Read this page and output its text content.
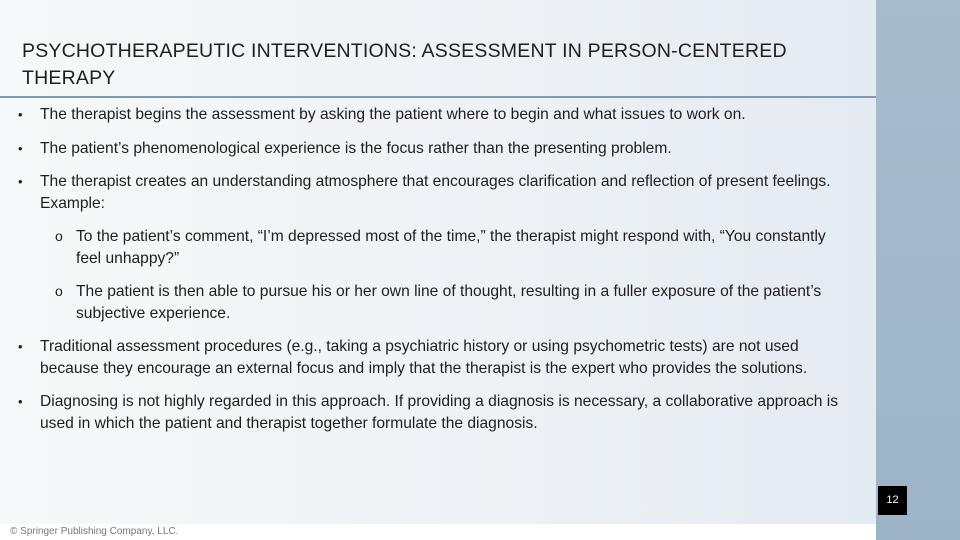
PSYCHOTHERAPEUTIC INTERVENTIONS: ASSESSMENT IN PERSON-CENTERED THERAPY
• The therapist begins the assessment by asking the patient where to begin and what issues to work on.
• The patient’s phenomenological experience is the focus rather than the presenting problem.
• The therapist creates an understanding atmosphere that encourages clarification and reflection of present feelings. Example:
o To the patient’s comment, “I’m depressed most of the time,” the therapist might respond with, “You constantly feel unhappy?”
o The patient is then able to pursue his or her own line of thought, resulting in a fuller exposure of the patient’s subjective experience.
• Traditional assessment procedures (e.g., taking a psychiatric history or using psychometric tests) are not used because they encourage an external focus and imply that the therapist is the expert who provides the solutions.
• Diagnosing is not highly regarded in this approach. If providing a diagnosis is necessary, a collaborative approach is used in which the patient and therapist together formulate the diagnosis.
12
© Springer Publishing Company, LLC.
